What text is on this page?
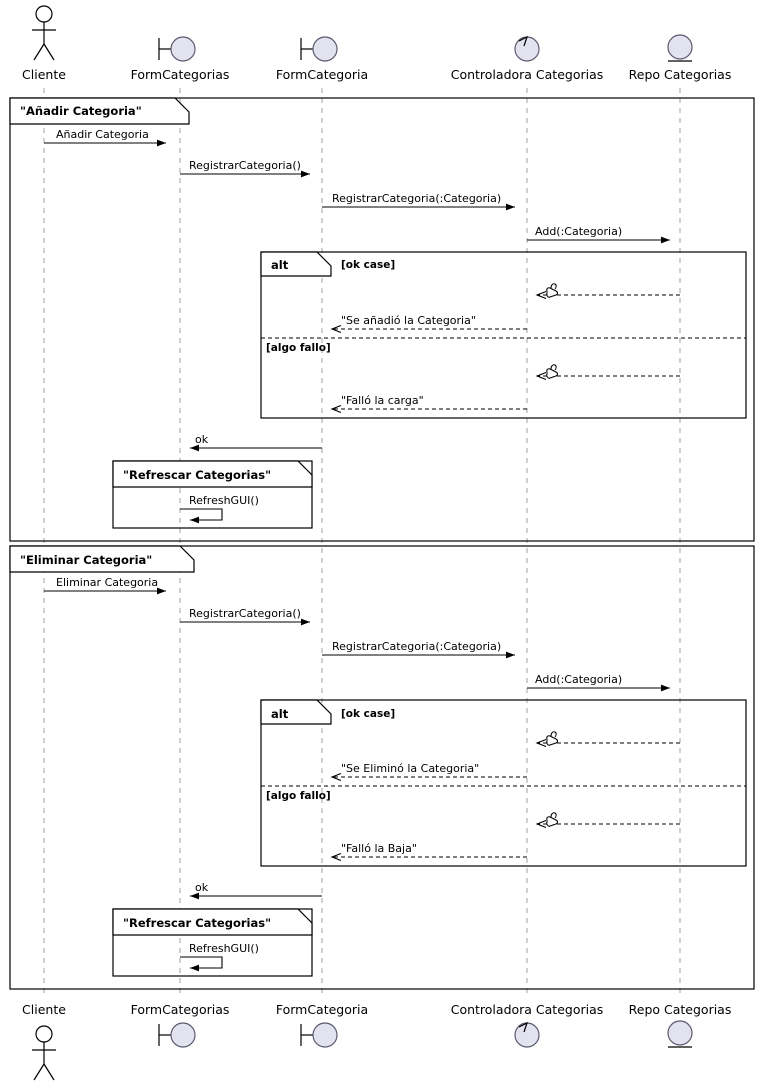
Cliente	FormCategorias	FormCategoria	Controladora Categorias Repo Categorias
"Añadir Categoria"
Añadir Categoria
RegistrarCategoria()
RegistrarCategoria(:Categoria)
Add(:Categoria)
alt	[ok case]
"Se añadió la Categoria"
[algo fallo]
"Falló la carga"
ok
"Refrescar Categorias"
RefreshGUI()
"Eliminar Categoria"
Eliminar Categoria
RegistrarCategoria()
RegistrarCategoria(:Categoria)
Add(:Categoria)
alt	[ok case]
"Se Eliminó la Categoria"
[algo fallo]
"Falló la Baja"
ok
"Refrescar Categorias"
RefreshGUI()
Cliente	FormCategorias	FormCategoria	Controladora Categorias Repo Categorias
